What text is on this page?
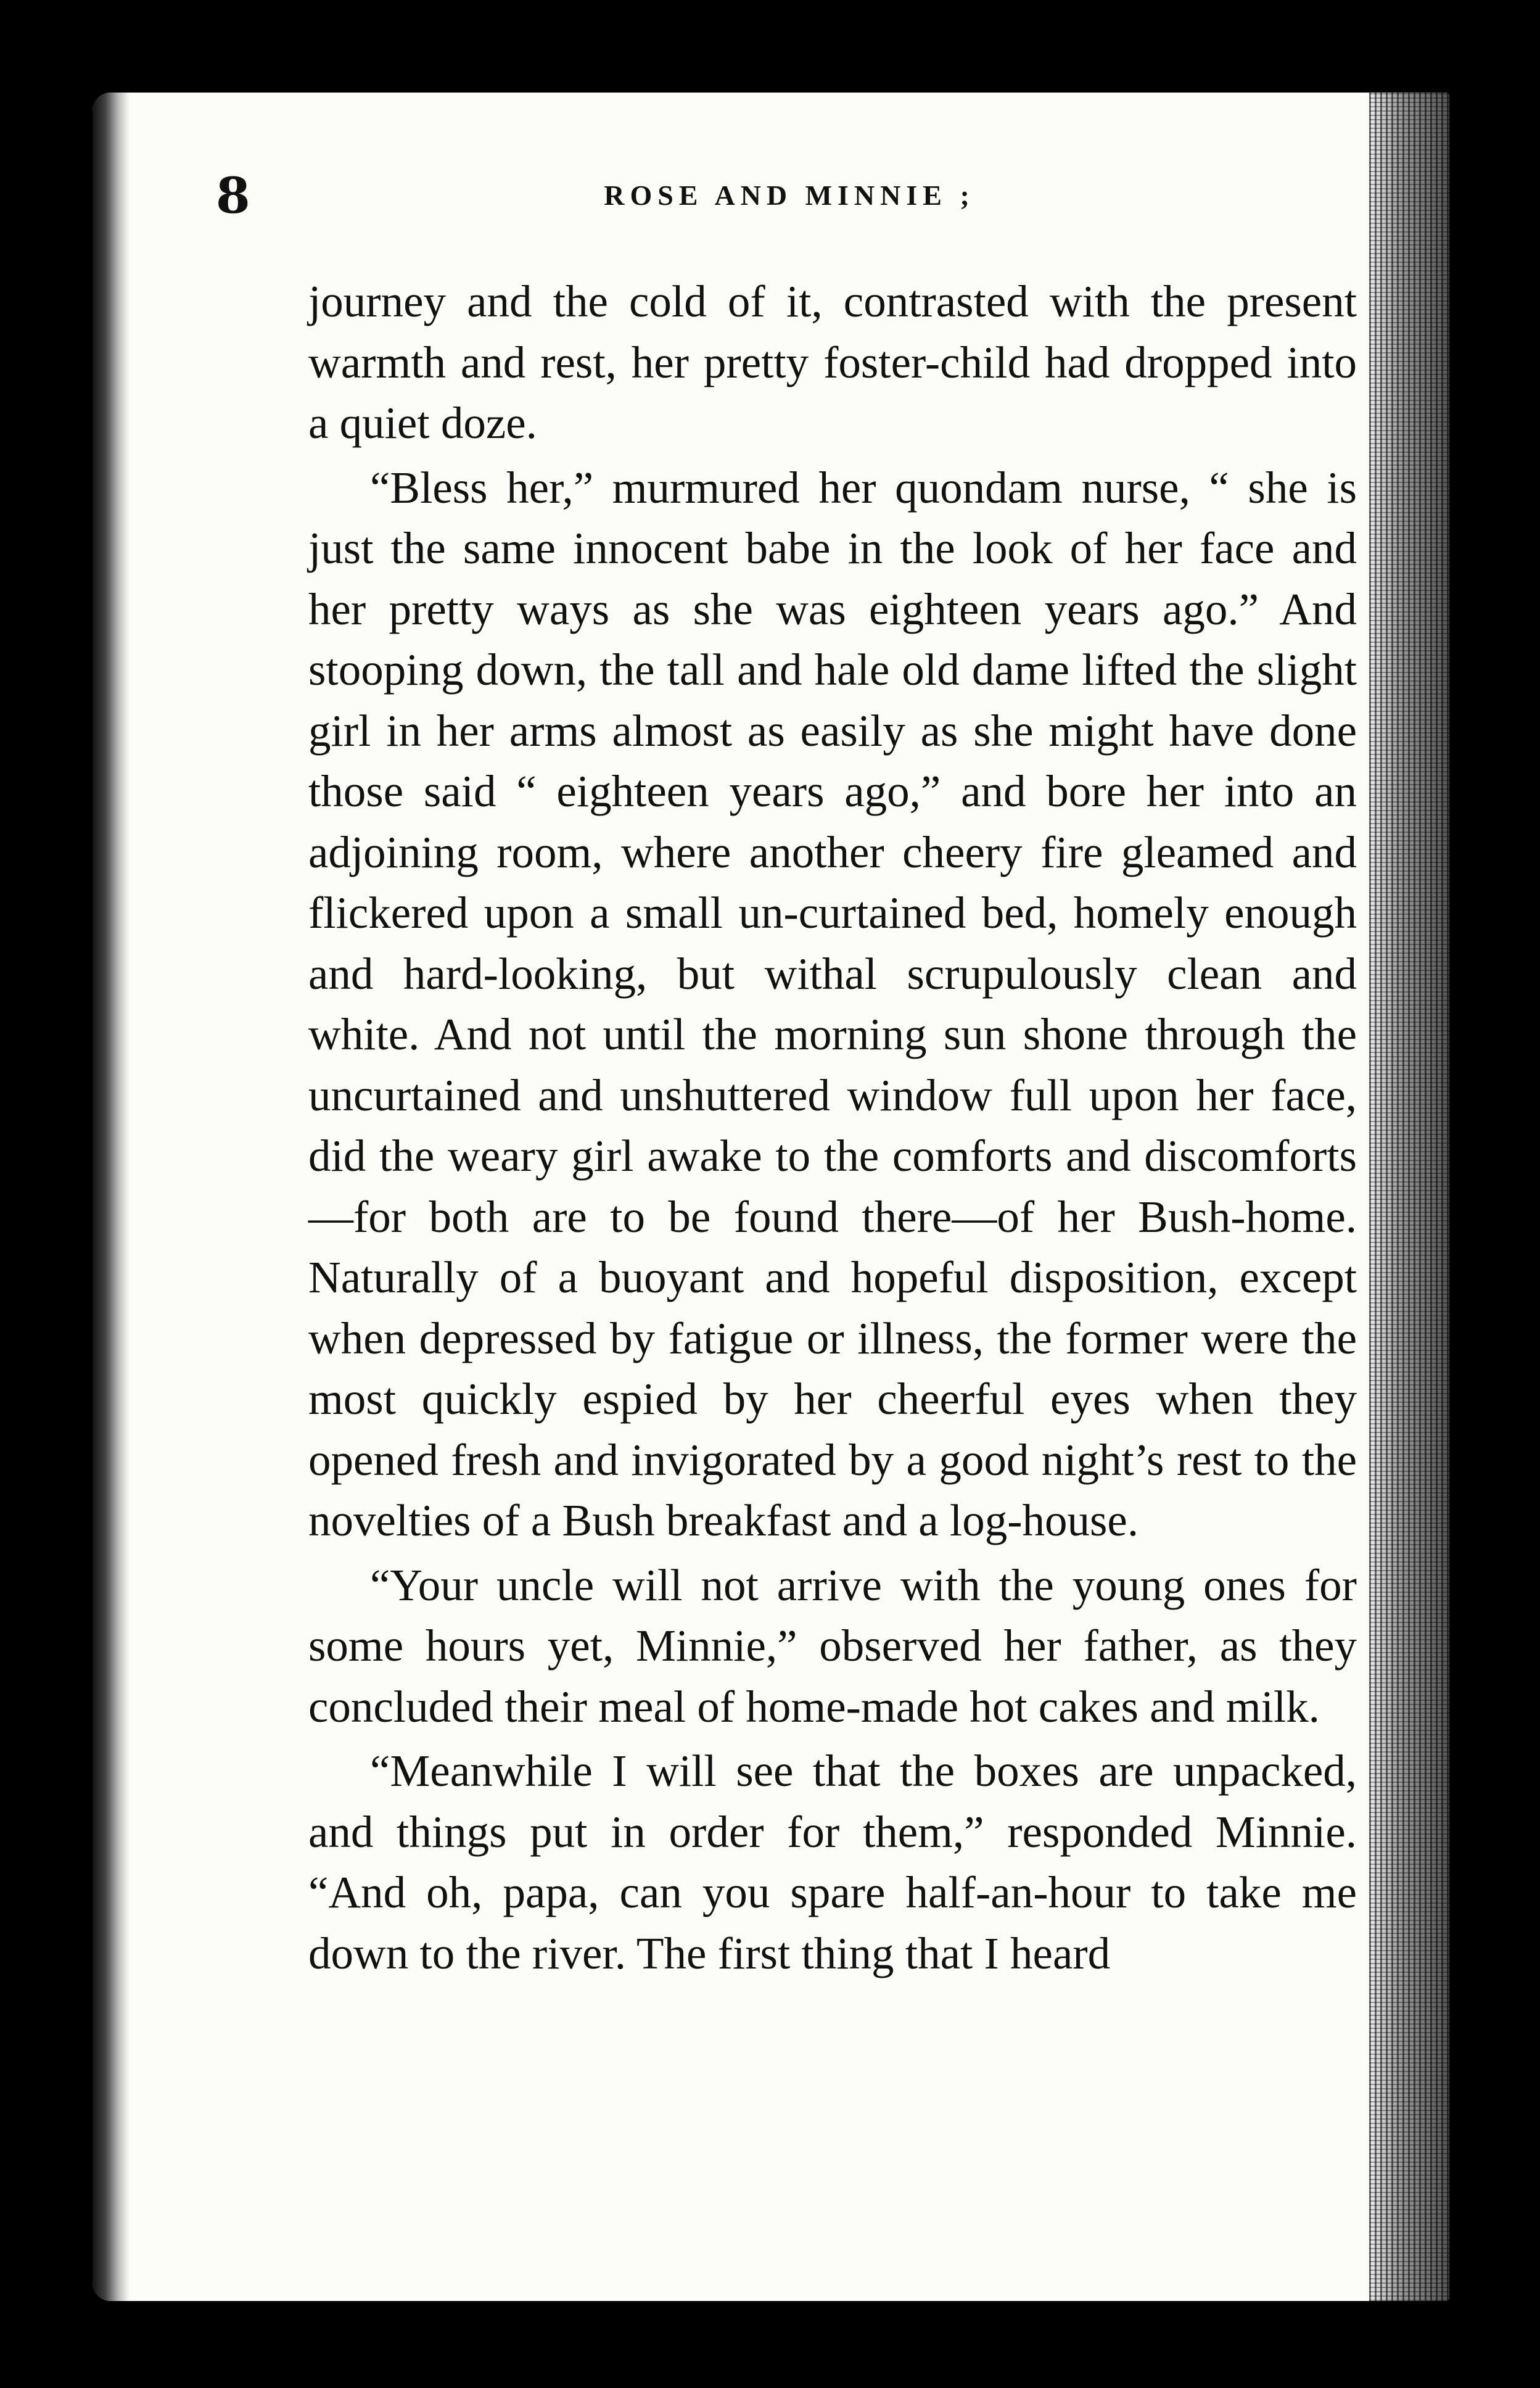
8	ROSE AND MINNIE ;

journey and the cold of it, contrasted with the present warmth and rest, her pretty foster-child had dropped into a quiet doze.

“Bless her,” murmured her quondam nurse, “ she is just the same innocent babe in the look of her face and her pretty ways as she was eighteen years ago.” And stooping down, the tall and hale old dame lifted the slight girl in her arms almost as easily as she might have done those said “ eighteen years ago,” and bore her into an adjoining room, where another cheery fire gleamed and flickered upon a small un-curtained bed, homely enough and hard-looking, but withal scrupulously clean and white. And not until the morning sun shone through the uncurtained and unshuttered window full upon her face, did the weary girl awake to the comforts and discomforts—for both are to be found there—of her Bush-home. Naturally of a buoyant and hopeful disposition, except when depressed by fatigue or illness, the former were the most quickly espied by her cheerful eyes when they opened fresh and invigorated by a good night’s rest to the novelties of a Bush breakfast and a log-house.

“Your uncle will not arrive with the young ones for some hours yet, Minnie,” observed her father, as they concluded their meal of home-made hot cakes and milk.

“Meanwhile I will see that the boxes are unpacked, and things put in order for them,” responded Minnie. “And oh, papa, can you spare half-an-hour to take me down to the river. The first thing that I heard
